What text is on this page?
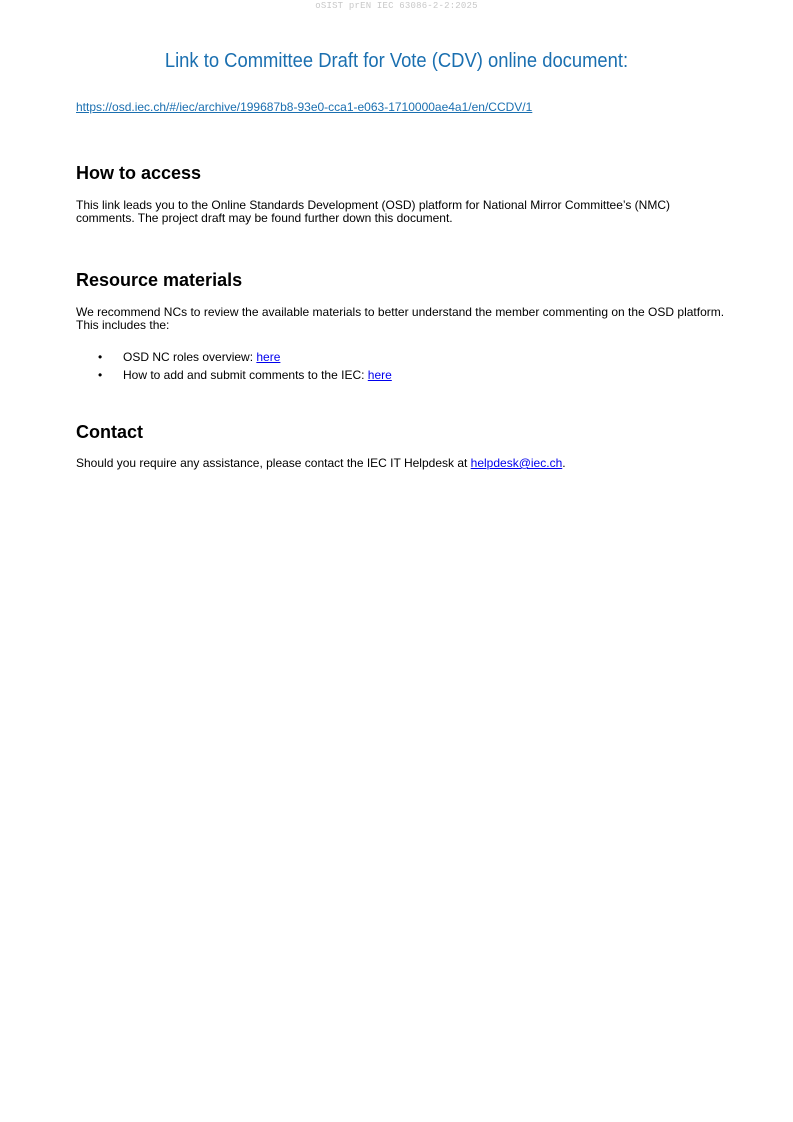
oSIST prEN IEC 63086-2-2:2025
Link to Committee Draft for Vote (CDV) online document:
https://osd.iec.ch/#/iec/archive/199687b8-93e0-cca1-e063-1710000ae4a1/en/CCDV/1
How to access
This link leads you to the Online Standards Development (OSD) platform for National Mirror Committee’s (NMC) comments. The project draft may be found further down this document.
Resource materials
We recommend NCs to review the available materials to better understand the member commenting on the OSD platform. This includes the:
• OSD NC roles overview: here
• How to add and submit comments to the IEC: here
Contact
Should you require any assistance, please contact the IEC IT Helpdesk at helpdesk@iec.ch.
